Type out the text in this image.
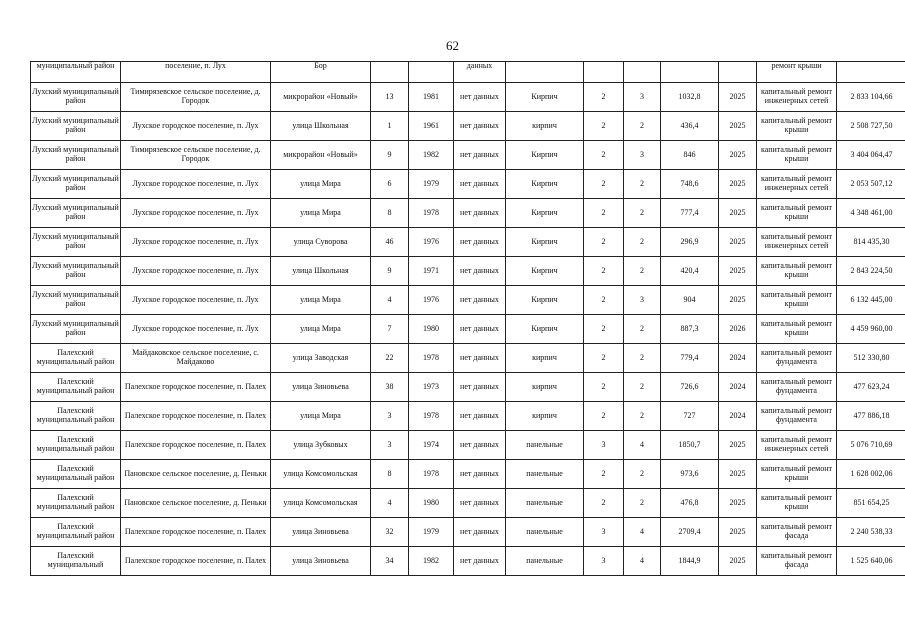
62
муниципальный район	поселение, п. Лух	Бор			данных						ремонт крыши	
Лухский муниципальный район	Тимирязевское сельское поселение, д. Городок	микрорайон «Новый»	13	1981	нет данных	Кирпич	2	3	1032,8	2025	капитальный ремонт инженерных сетей	2 833 104,66
Лухский муниципальный район	Лухское городское поселение, п. Лух	улица Школьная	1	1961	нет данных	кирпич	2	2	436,4	2025	капитальный ремонт крыши	2 508 727,50
Лухский муниципальный район	Тимирязевское сельское поселение, д. Городок	микрорайон «Новый»	9	1982	нет данных	Кирпич	2	3	846	2025	капитальный ремонт крыши	3 404 064,47
Лухский муниципальный район	Лухское городское поселение, п. Лух	улица Мира	6	1979	нет данных	Кирпич	2	2	748,6	2025	капитальный ремонт инженерных сетей	2 053 507,12
Лухский муниципальный район	Лухское городское поселение, п. Лух	улица Мира	8	1978	нет данных	Кирпич	2	2	777,4	2025	капитальный ремонт крыши	4 348 461,00
Лухский муниципальный район	Лухское городское поселение, п. Лух	улица Суворова	46	1976	нет данных	Кирпич	2	2	296,9	2025	капитальный ремонт инженерных сетей	814 435,30
Лухский муниципальный район	Лухское городское поселение, п. Лух	улица Школьная	9	1971	нет данных	Кирпич	2	2	420,4	2025	капитальный ремонт крыши	2 843 224,50
Лухский муниципальный район	Лухское городское поселение, п. Лух	улица Мира	4	1976	нет данных	Кирпич	2	3	904	2025	капитальный ремонт крыши	6 132 445,00
Лухский муниципальный район	Лухское городское поселение, п. Лух	улица Мира	7	1980	нет данных	Кирпич	2	2	887,3	2026	капитальный ремонт крыши	4 459 960,00
Палехский муниципальный район	Майдаковское сельское поселение, с. Майдаково	улица Заводская	22	1978	нет данных	кирпич	2	2	779,4	2024	капитальный ремонт фундамента	512 330,80
Палехский муниципальный район	Палехское городское поселение, п. Палех	улица Зиновьева	38	1973	нет данных	кирпич	2	2	726,6	2024	капитальный ремонт фундамента	477 623,24
Палехский муниципальный район	Палехское городское поселение, п. Палех	улица Мира	3	1978	нет данных	кирпич	2	2	727	2024	капитальный ремонт фундамента	477 886,18
Палехский муниципальный район	Палехское городское поселение, п. Палех	улица Зубковых	3	1974	нет данных	панельные	3	4	1850,7	2025	капитальный ремонт инженерных сетей	5 076 710,69
Палехский муниципальный район	Пановское сельское поселение, д. Пеньки	улица Комсомольская	8	1978	нет данных	панельные	2	2	973,6	2025	капитальный ремонт крыши	1 628 002,06
Палехский муниципальный район	Пановское сельское поселение, д. Пеньки	улица Комсомольская	4	1980	нет данных	панельные	2	2	476,8	2025	капитальный ремонт крыши	851 654,25
Палехский муниципальный район	Палехское городское поселение, п. Палех	улица Зиновьева	32	1979	нет данных	панельные	3	4	2709,4	2025	капитальный ремонт фасада	2 240 538,33
Палехский муниципальный	Палехское городское поселение, п. Палех	улица Зиновьева	34	1982	нет данных	панельные	3	4	1844,9	2025	капитальный ремонт фасада	1 525 640,06
